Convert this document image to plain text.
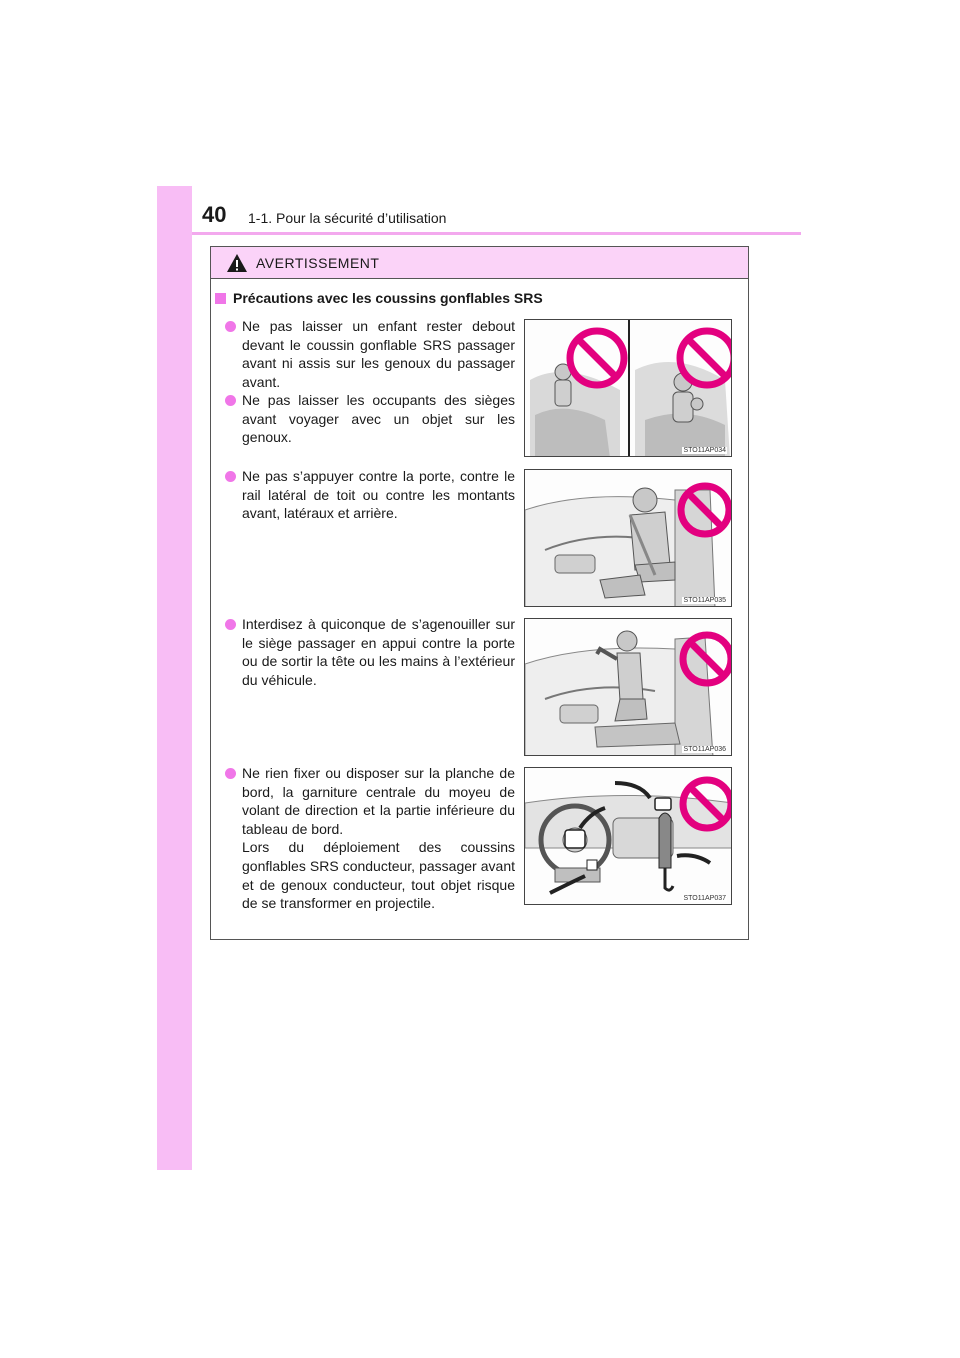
40 1-1. Pour la sécurité d’utilisation
AVERTISSEMENT
Précautions avec les coussins gonflables SRS
Ne pas laisser un enfant rester debout devant le coussin gonflable SRS passager avant ni assis sur les genoux du passager avant.
Ne pas laisser les occupants des sièges avant voyager avec un objet sur les genoux.
Ne pas s’appuyer contre la porte, contre le rail latéral de toit ou contre les montants avant, latéraux et arrière.
Interdisez à quiconque de s’agenouiller sur le siège passager en appui contre la porte ou de sortir la tête ou les mains à l’extérieur du véhicule.
Ne rien fixer ou disposer sur la planche de bord, la garniture centrale du moyeu de volant de direction et la partie inférieure du tableau de bord.
Lors du déploiement des coussins gonflables SRS conducteur, passager avant et de genoux conducteur, tout objet risque de se transformer en projectile.
STO11AP034
STO11AP035
STO11AP036
STO11AP037
